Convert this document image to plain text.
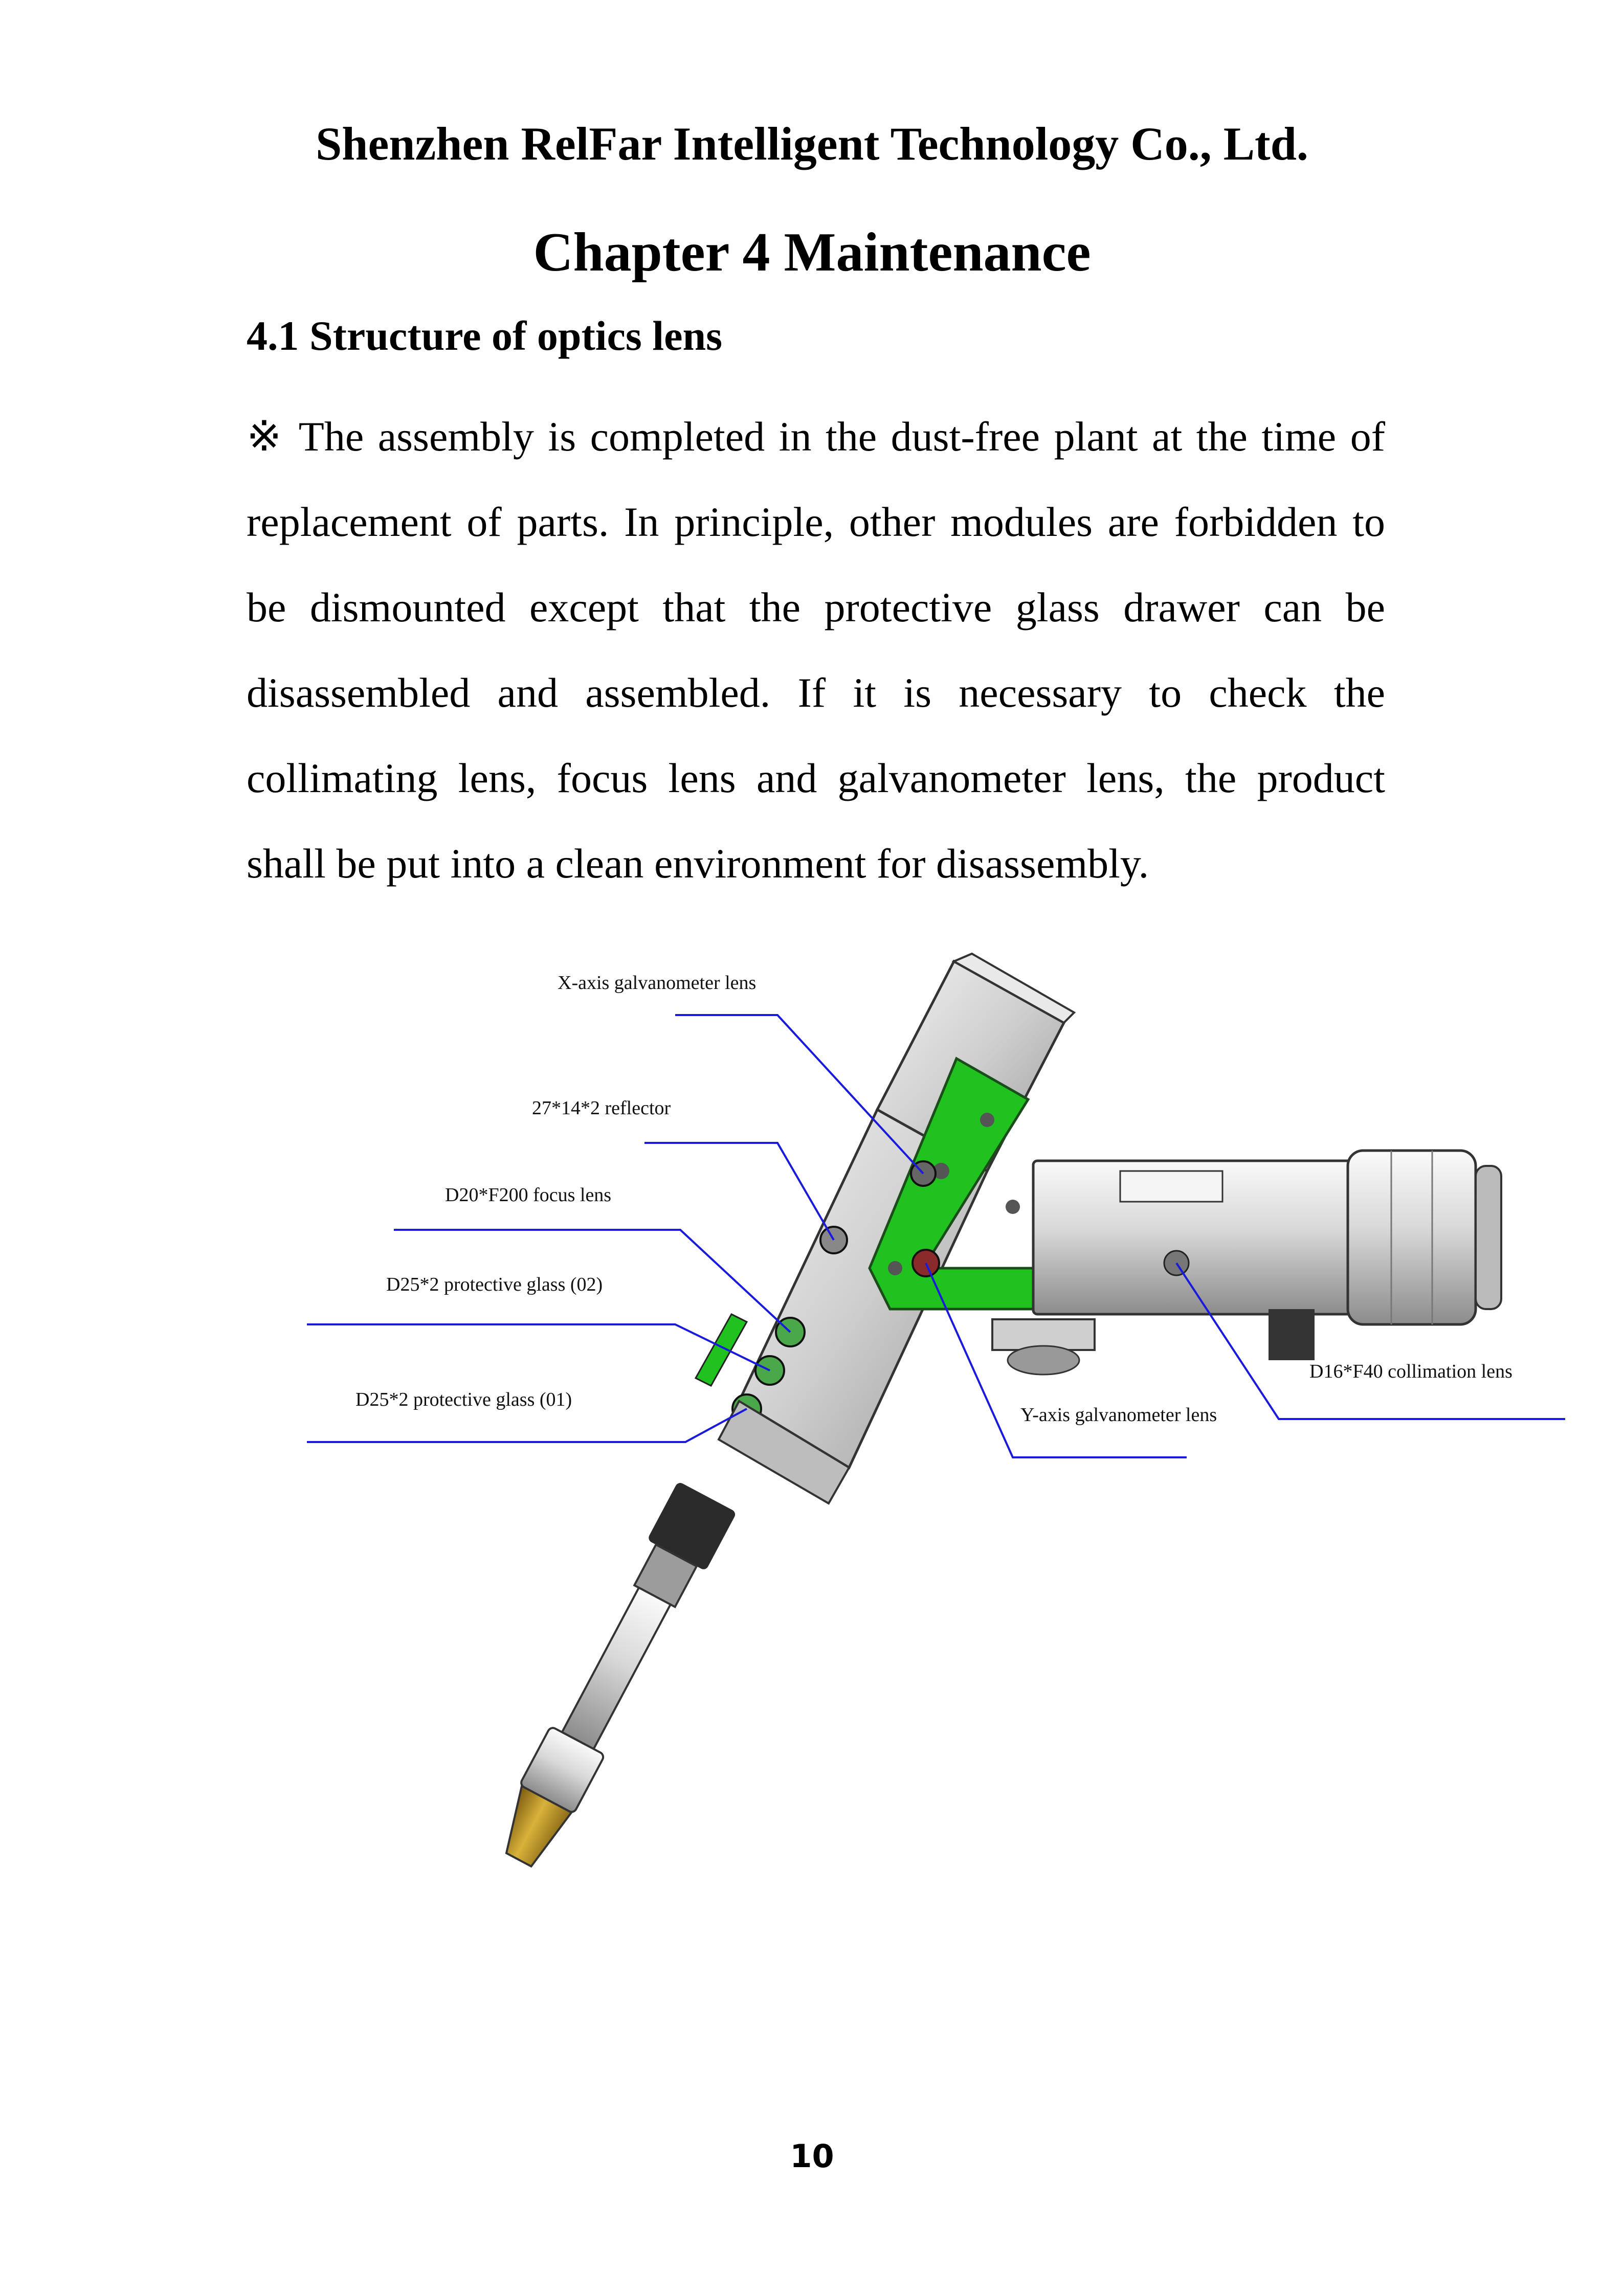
Shenzhen RelFar Intelligent Technology Co., Ltd.
Chapter 4 Maintenance
4.1 Structure of optics lens
※ The assembly is completed in the dust-free plant at the time of replacement of parts. In principle, other modules are forbidden to be dismounted except that the protective glass drawer can be disassembled and assembled. If it is necessary to check the collimating lens, focus lens and galvanometer lens, the product shall be put into a clean environment for disassembly.
X-axis galvanometer lens
27*14*2 reflector
D20*F200 focus lens
D25*2 protective glass (02)
D25*2 protective glass (01)
D16*F40 collimation lens
Y-axis galvanometer lens
10
